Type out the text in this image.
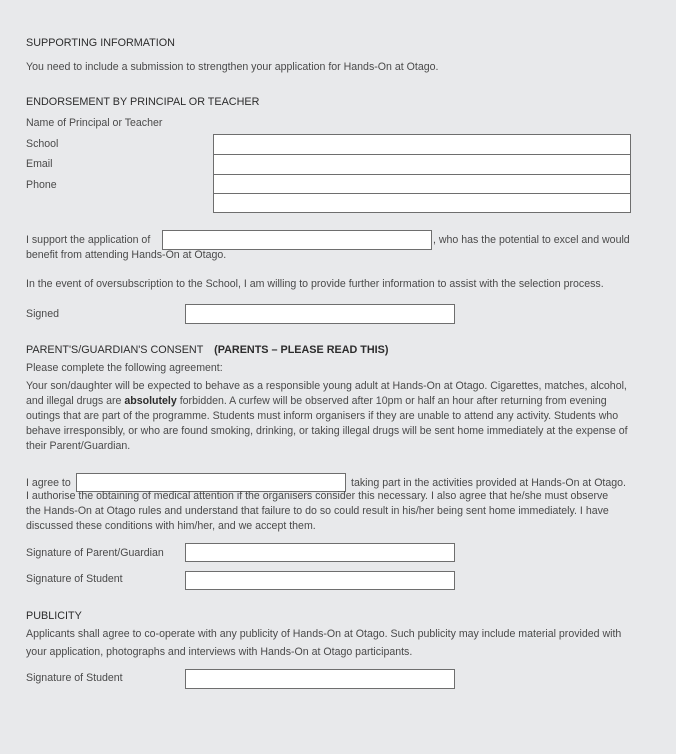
SUPPORTING INFORMATION
You need to include a submission to strengthen your application for Hands-On at Otago.
ENDORSEMENT BY PRINCIPAL OR TEACHER
Name of Principal or Teacher
School
Email
Phone
I support the application of	, who has the potential to excel and would
benefit from attending Hands-On at Otago.
In the event of oversubscription to the School, I am willing to provide further information to assist with the selection process.
Signed
PARENT'S/GUARDIAN'S CONSENT (PARENTS – PLEASE READ THIS)
Please complete the following agreement:
Your son/daughter will be expected to behave as a responsible young adult at Hands-On at Otago. Cigarettes, matches, alcohol,
and illegal drugs are absolutely forbidden. A curfew will be observed after 10pm or half an hour after returning from evening
outings that are part of the programme. Students must inform organisers if they are unable to attend any activity. Students who
behave irresponsibly, or who are found smoking, drinking, or taking illegal drugs will be sent home immediately at the expense of
their Parent/Guardian.
I agree to	taking part in the activities provided at Hands-On at Otago.
I authorise the obtaining of medical attention if the organisers consider this necessary. I also agree that he/she must observe
the Hands-On at Otago rules and understand that failure to do so could result in his/her being sent home immediately. I have
discussed these conditions with him/her, and we accept them.
Signature of Parent/Guardian
Signature of Student
PUBLICITY
Applicants shall agree to co-operate with any publicity of Hands-On at Otago. Such publicity may include material provided with
your application, photographs and interviews with Hands-On at Otago participants.
Signature of Student
